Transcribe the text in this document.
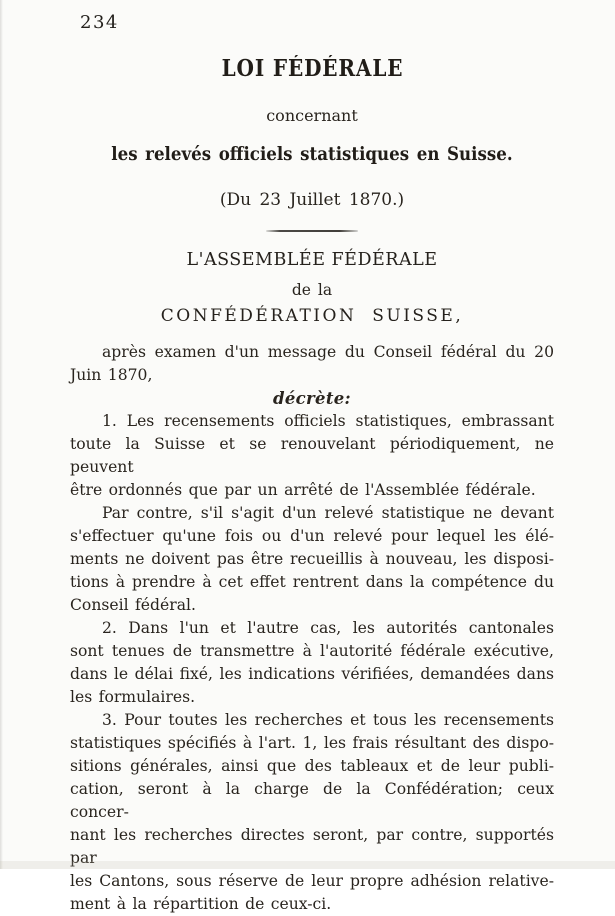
234
LOI FÉDÉRALE
concernant
les relevés officiels statistiques en Suisse.
(Du 23 Juillet 1870.)
L'ASSEMBLÉE FÉDÉRALE
de la
CONFÉDÉRATION SUISSE,
après examen d'un message du Conseil fédéral du 20
Juin 1870,
décrète:
1. Les recensements officiels statistiques, embrassant
toute la Suisse et se renouvelant périodiquement, ne peuvent
être ordonnés que par un arrêté de l'Assemblée fédérale.
Par contre, s'il s'agit d'un relevé statistique ne devant
s'effectuer qu'une fois ou d'un relevé pour lequel les élé-
ments ne doivent pas être recueillis à nouveau, les disposi-
tions à prendre à cet effet rentrent dans la compétence du
Conseil fédéral.
2. Dans l'un et l'autre cas, les autorités cantonales
sont tenues de transmettre à l'autorité fédérale exécutive,
dans le délai fixé, les indications vérifiées, demandées dans
les formulaires.
3. Pour toutes les recherches et tous les recensements
statistiques spécifiés à l'art. 1, les frais résultant des dispo-
sitions générales, ainsi que des tableaux et de leur publi-
cation, seront à la charge de la Confédération; ceux concer-
nant les recherches directes seront, par contre, supportés par
les Cantons, sous réserve de leur propre adhésion relative-
ment à la répartition de ceux-ci.
